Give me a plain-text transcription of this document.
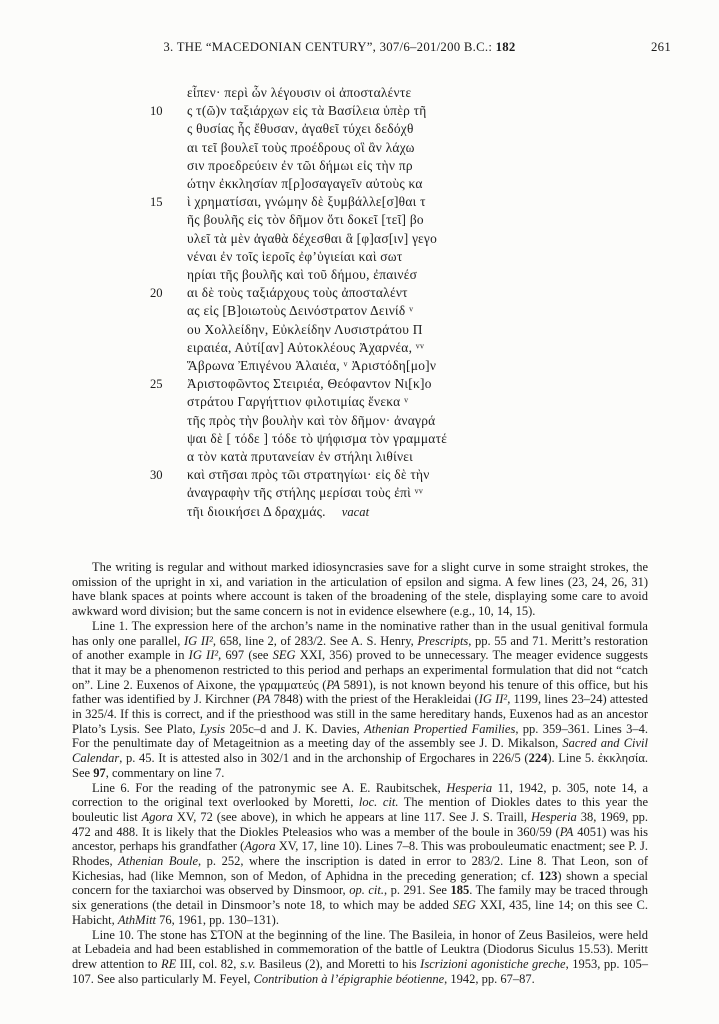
3. THE “MACEDONIAN CENTURY”, 307/6–201/200 B.C.: 182	261
εἶπεν· περὶ ὧν λέγουσιν οἱ ἀποσταλέντε
10	ς τ(ῶ)ν ταξιάρχων εἰς τὰ Βασίλεια ὑπὲρ τῆ
ς θυσίας ἧς ἔθυσαν, ἀγαθεῖ τύχει δεδόχθ
αι τεῖ βουλεῖ τοὺς προέδρους οἳ ἂν λάχω
σιν προεδρεύειν ἐν τῶι δήμωι εἰς τὴν πρ
ώτην ἐκκλησίαν π[ρ]οσαγαγεῖν αὐτοὺς κα
15	ὶ χρηματίσαι, γνώμην δὲ ξυμβάλλε[σ]θαι τ
ῆς βουλῆς εἰς τὸν δῆμον ὅτι δοκεῖ [τεῖ] βο
υλεῖ τὰ μὲν ἀγαθὰ δέχεσθαι ἃ [φ]ασ[ιν] γεγο
νέναι ἐν τοῖς ἱεροῖς ἐφ’ὑγιείαι καὶ σωτ
ηρίαι τῆς βουλῆς καὶ τοῦ δήμου, ἐπαινέσ
20	αι δὲ τοὺς ταξιάρχους τοὺς ἀποσταλέντ
ας εἰς [Β]οιωτοὺς Δεινόστρατον Δεινίδ ᵛ
ου Χολλείδην, Εὐκλείδην Λυσιστράτου Π
ειραιέα, Αὐτί[αν] Αὐτοκλέους Ἀχαρνέα, ᵛᵛ
Ἅβρωνα Ἐπιγένου Ἁλαιέα, ᵛ Ἀριστόδη[μο]ν
25	Ἀριστοφῶντος Στειριέα, Θεόφαντον Νι[κ]ο
στράτου Γαργήττιον φιλοτιμίας ἕνεκα ᵛ
τῆς πρὸς τὴν βουλὴν καὶ τὸν δῆμον· ἀναγρά
ψαι δὲ [ τόδε ] τόδε τὸ ψήφισμα τὸν γραμματέ
α τὸν κατὰ πρυτανείαν ἐν στήληι λιθίνει
30	καὶ στῆσαι πρὸς τῶι στρατηγίωι· εἰς δὲ τὴν
ἀναγραφὴν τῆς στήλης μερίσαι τοὺς ἐπὶ ᵛᵛ
τῆι διοικήσει Δ δραχμάς. vacat

The writing is regular and without marked idiosyncrasies save for a slight curve in some straight strokes, the omission of the upright in xi, and variation in the articulation of epsilon and sigma. A few lines (23, 24, 26, 31) have blank spaces at points where account is taken of the broadening of the stele, displaying some care to avoid awkward word division; but the same concern is not in evidence elsewhere (e.g., 10, 14, 15).

Line 1. The expression here of the archon’s name in the nominative rather than in the usual genitival formula has only one parallel, IG II², 658, line 2, of 283/2. See A. S. Henry, Prescripts, pp. 55 and 71. Meritt’s restoration of another example in IG II², 697 (see SEG XXI, 356) proved to be unnecessary. The meager evidence suggests that it may be a phenomenon restricted to this period and perhaps an experimental formulation that did not “catch on”. Line 2. Euxenos of Aixone, the γραμματεύς (PA 5891), is not known beyond his tenure of this office, but his father was identified by J. Kirchner (PA 7848) with the priest of the Herakleidai (IG II², 1199, lines 23–24) attested in 325/4. If this is correct, and if the priesthood was still in the same hereditary hands, Euxenos had as an ancestor Plato’s Lysis. See Plato, Lysis 205c–d and J. K. Davies, Athenian Propertied Families, pp. 359–361. Lines 3–4. For the penultimate day of Metageitnion as a meeting day of the assembly see J. D. Mikalson, Sacred and Civil Calendar, p. 45. It is attested also in 302/1 and in the archonship of Ergochares in 226/5 (224). Line 5. ἐκκλησία. See 97, commentary on line 7.

Line 6. For the reading of the patronymic see A. E. Raubitschek, Hesperia 11, 1942, p. 305, note 14, a correction to the original text overlooked by Moretti, loc. cit. The mention of Diokles dates to this year the bouleutic list Agora XV, 72 (see above), in which he appears at line 117. See J. S. Traill, Hesperia 38, 1969, pp. 472 and 488. It is likely that the Diokles Pteleasios who was a member of the boule in 360/59 (PA 4051) was his ancestor, perhaps his grandfather (Agora XV, 17, line 10). Lines 7–8. This was probouleumatic enactment; see P. J. Rhodes, Athenian Boule, p. 252, where the inscription is dated in error to 283/2. Line 8. That Leon, son of Kichesias, had (like Memnon, son of Medon, of Aphidna in the preceding generation; cf. 123) shown a special concern for the taxiarchoi was observed by Dinsmoor, op. cit., p. 291. See 185. The family may be traced through six generations (the detail in Dinsmoor’s note 18, to which may be added SEG XXI, 435, line 14; on this see C. Habicht, AthMitt 76, 1961, pp. 130–131).

Line 10. The stone has ΣΤΟΝ at the beginning of the line. The Basileia, in honor of Zeus Basileios, were held at Lebadeia and had been established in commemoration of the battle of Leuktra (Diodorus Siculus 15.53). Meritt drew attention to RE III, col. 82, s.v. Basileus (2), and Moretti to his Iscrizioni agonistiche greche, 1953, pp. 105–107. See also particularly M. Feyel, Contribution à l’épigraphie béotienne, 1942, pp. 67–87.
